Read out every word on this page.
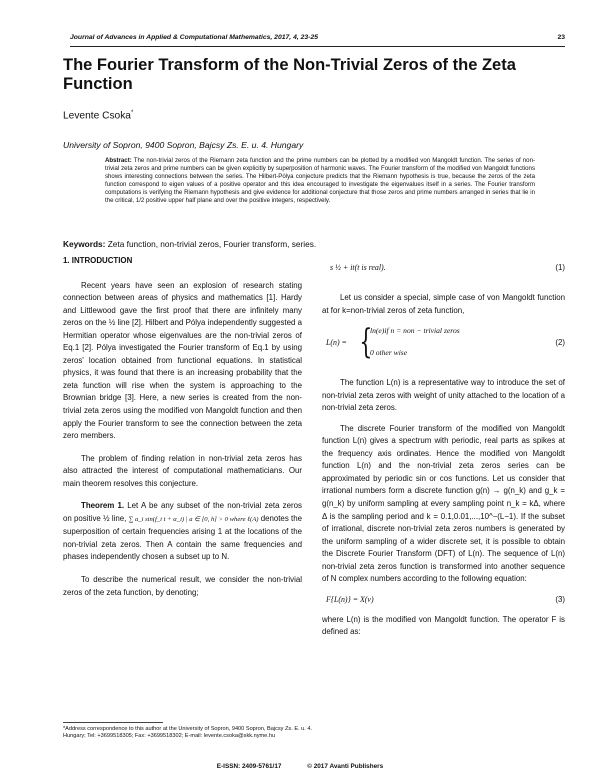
Journal of Advances in Applied & Computational Mathematics, 2017, 4, 23-25	23
The Fourier Transform of the Non-Trivial Zeros of the Zeta Function
Levente Csoka*
University of Sopron, 9400 Sopron, Bajcsy Zs. E. u. 4. Hungary
Abstract: The non-trivial zeros of the Riemann zeta function and the prime numbers can be plotted by a modified von Mangoldt function. The series of non-trivial zeta zeros and prime numbers can be given explicitly by superposition of harmonic waves. The Fourier transform of the modified von Mangoldt functions shows interesting connections between the series. The Hilbert-Pólya conjecture predicts that the Riemann hypothesis is true, because the zeros of the zeta function correspond to eigen values of a positive operator and this idea encouraged to investigate the eigenvalues itself in a series. The Fourier transform computations is verifying the Riemann hypothesis and give evidence for additional conjecture that those zeros and prime numbers arranged in series that lie in the critical, 1/2 positive upper half plane and over the positive integers, respectively.
Keywords: Zeta function, non-trivial zeros, Fourier transform, series.
1. INTRODUCTION

Recent years have seen an explosion of research stating connection between areas of physics and mathematics [1]. Hardy and Littlewood gave the first proof that there are infinitely many zeros on the ½ line [2]. Hilbert and Pólya independently suggested a Hermitian operator whose eigenvalues are the non-trivial zeros of Eq.1 [2]. Pólya investigated the Fourier transform of Eq.1 by using zeros' location obtained from functional equations. In statistical physics, it was found that there is an increasing probability that the zeta function will rise when the system is approaching to the Brownian bridge [3]. Here, a new series is created from the non-trivial zeta zeros using the modified von Mangoldt function and then apply the Fourier transform to see the connection between the zeta zero members.

The problem of finding relation in non-trivial zeta zeros has also attracted the interest of computational mathematicians. Our main theorem resolves this conjecture.

Theorem 1. Let A be any subset of the non-trivial zeta zeros on positive ½ line, ∑ a_i sin(f_i t + α_i) | a ∈ [0, h] > 0 where ℓ(A) denotes the superposition of certain frequencies arising 1 at the locations of the non-trivial zeta zeros. Then A contain the same frequencies and phases independently chosen a subset up to N.

To describe the numerical result, we consider the non-trivial zeros of the zeta function, by denoting;

s ½ + it(t is real).	(1)

Let us consider a special, simple case of von Mangoldt function at for k=non-trivial zeros of zeta function,

L(n) = {
ln(e)if n = non − trivial zeros
0 other wise
(2)

The function L(n) is a representative way to introduce the set of non-trivial zeta zeros with weight of unity attached to the location of a non-trivial zeta zeros.

The discrete Fourier transform of the modified von Mangoldt function L(n) gives a spectrum with periodic, real parts as spikes at the frequency axis ordinates. Hence the modified von Mangoldt function L(n) and the non-trivial zeta zeros series can be approximated by periodic sin or cos functions. Let us consider that irrational numbers form a discrete function g(n) → g(n_k) and g_k = g(n_k) by uniform sampling at every sampling point n_k = kΔ, where Δ is the sampling period and k = 0.1,0.01,...,10^−(L−1). If the subset of irrational, discrete non-trivial zeta zeros numbers is generated by the uniform sampling of a wider discrete set, it is possible to obtain the Discrete Fourier Transform (DFT) of L(n). The sequence of L(n) non-trivial zeta zeros function is transformed into another sequence of N complex numbers according to the following equation:

F{L(n)} = X(ν)	(3)

where L(n) is the modified von Mangoldt function. The operator F is defined as:

*Address correspondence to this author at the University of Sopron, 9400 Sopron, Bajcsy Zs. E. u. 4. Hungary; Tel: +3699518305; Fax: +3699518302; E-mail: levente.csoka@skk.nyme.hu
E-ISSN: 2409-5761/17	© 2017 Avanti Publishers
